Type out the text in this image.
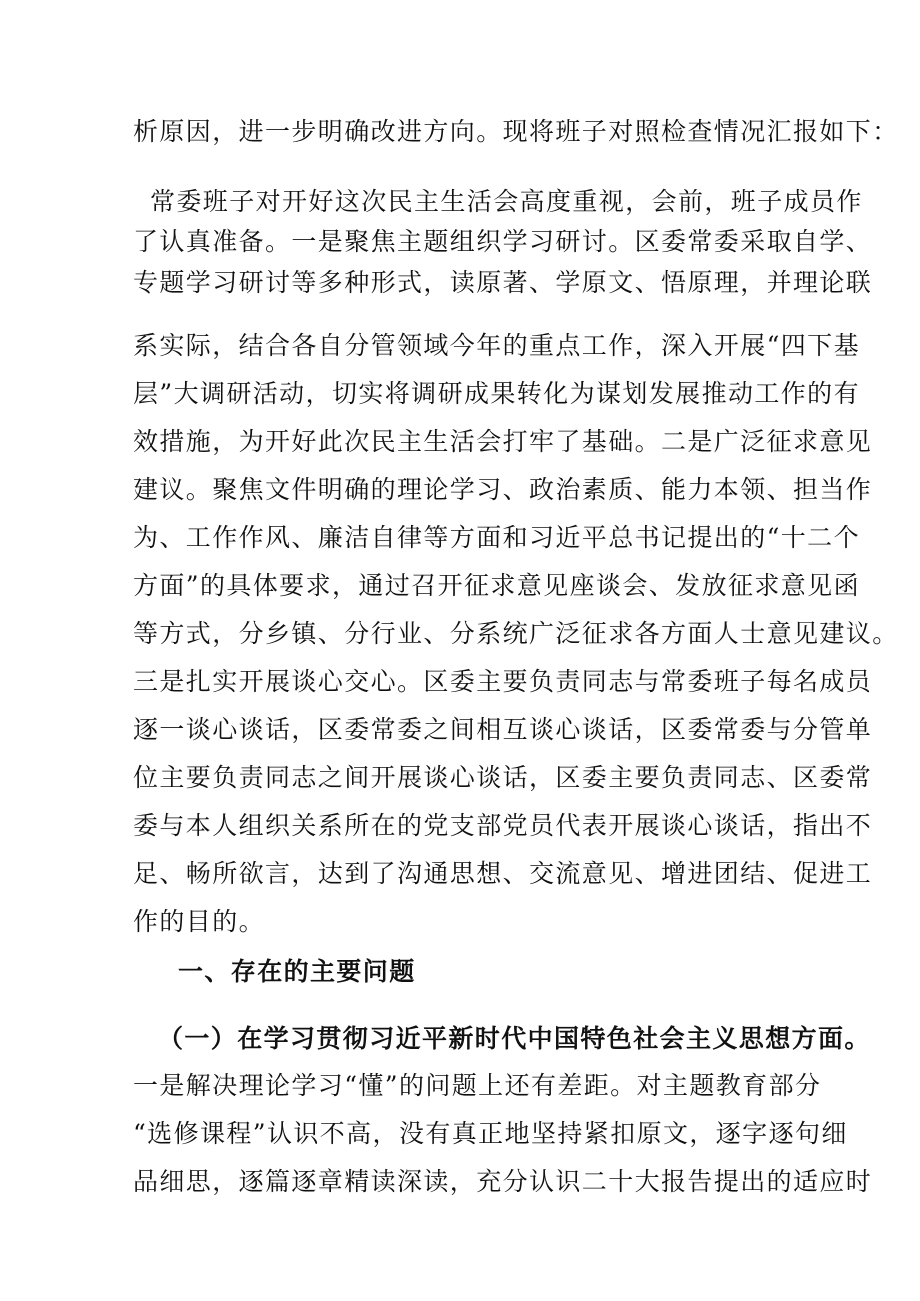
析原因，进一步明确改进方向。现将班子对照检查情况汇报如下：
常委班子对开好这次民主生活会高度重视，会前，班子成员作
了认真准备。一是聚焦主题组织学习研讨。区委常委采取自学、
专题学习研讨等多种形式，读原著、学原文、悟原理，并理论联
系实际，结合各自分管领域今年的重点工作，深入开展“四下基
层”大调研活动，切实将调研成果转化为谋划发展推动工作的有
效措施，为开好此次民主生活会打牢了基础。二是广泛征求意见
建议。聚焦文件明确的理论学习、政治素质、能力本领、担当作
为、工作作风、廉洁自律等方面和习近平总书记提出的“十二个
方面”的具体要求，通过召开征求意见座谈会、发放征求意见函
等方式，分乡镇、分行业、分系统广泛征求各方面人士意见建议。
三是扎实开展谈心交心。区委主要负责同志与常委班子每名成员
逐一谈心谈话，区委常委之间相互谈心谈话，区委常委与分管单
位主要负责同志之间开展谈心谈话，区委主要负责同志、区委常
委与本人组织关系所在的党支部党员代表开展谈心谈话，指出不
足、畅所欲言，达到了沟通思想、交流意见、增进团结、促进工
作的目的。
一、存在的主要问题
（一）在学习贯彻习近平新时代中国特色社会主义思想方面。
一是解决理论学习“懂”的问题上还有差距。对主题教育部分
“选修课程”认识不高，没有真正地坚持紧扣原文，逐字逐句细
品细思，逐篇逐章精读深读，充分认识二十大报告提出的适应时
